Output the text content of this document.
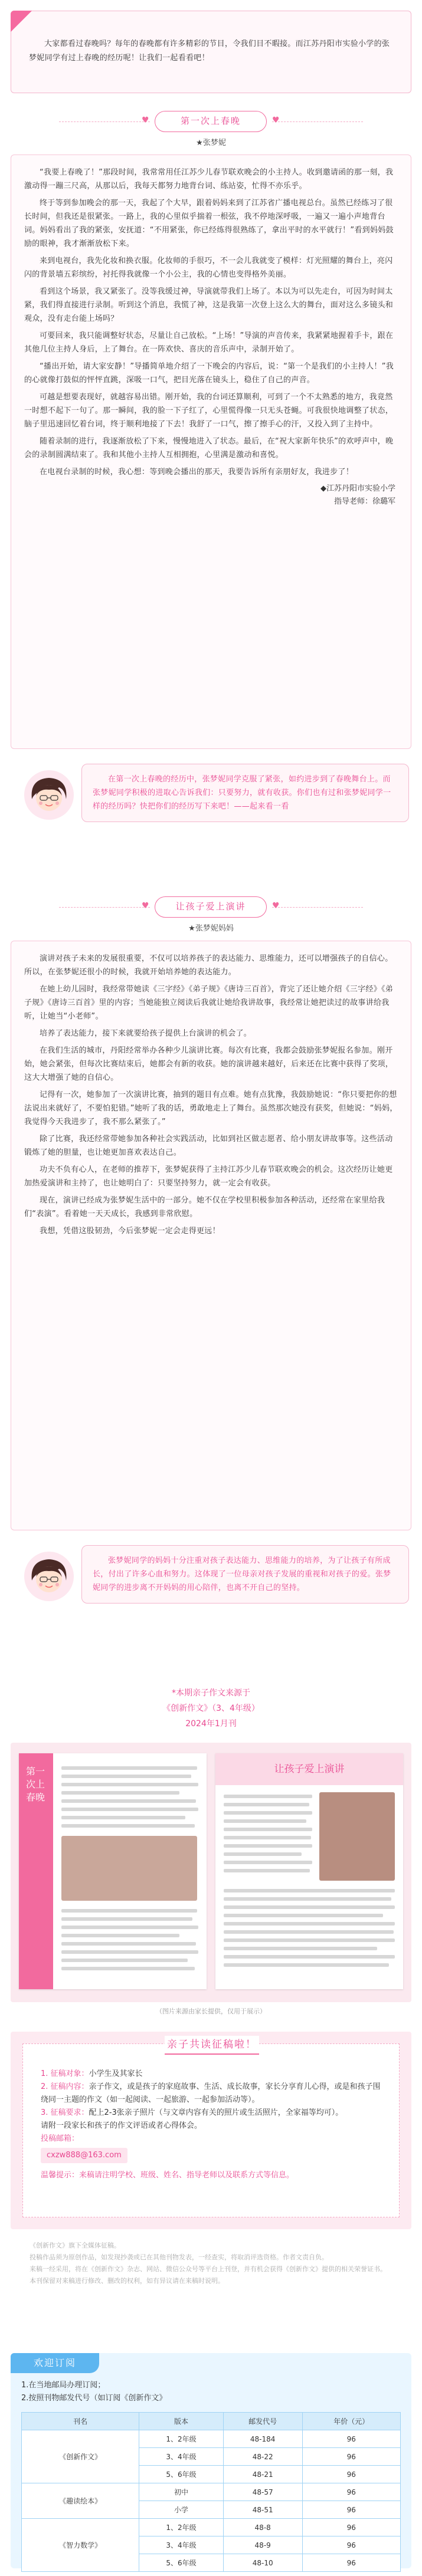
大家都看过春晚吗？每年的春晚都有许多精彩的节目，令我们目不暇接。而江苏丹阳市实验小学的张梦妮同学有过上春晚的经历呢！让我们一起看看吧！

♥	第一次上春晚	♥
★张梦妮

“我要上春晚了！”那段时间，我常常用任江苏少儿春节联欢晚会的小主持人。收到邀请函的那一刻，我激动得一蹦三尺高，从那以后，我每天都努力地背台词、练站姿，忙得不亦乐乎。

终于等到参加晚会的那一天，我起了个大早，跟着妈妈来到了江苏省广播电视总台。虽然已经练习了很长时间，但我还是很紧张。一路上，我的心里似乎揣着一根弦，我不停地深呼吸，一遍又一遍小声地背台词。妈妈看出了我的紧张，安抚道：“不用紧张，你已经练得很熟练了，拿出平时的水平就行！”看到妈妈鼓励的眼神，我才渐渐放松下来。

来到电视台，我先化妆和换衣服。化妆师的手很巧，不一会儿我就变了模样：灯光照耀的舞台上，亮闪闪的背景墙五彩缤纷，衬托得我就像一个小公主，我的心情也变得格外美丽。

看到这个场景，我又紧张了。没等我缓过神，导演就带我们上场了。本以为可以先走台，可因为时间太紧，我们得直接进行录制。听到这个消息，我慌了神，这是我第一次登上这么大的舞台，面对这么多镜头和观众，没有走台能上场吗？

可要回来，我只能调整好状态，尽量让自己放松。“上场！”导演的声音传来，我紧紧地握着手卡，跟在其他几位主持人身后，上了舞台。在一阵欢快、喜庆的音乐声中，录制开始了。

“播出开始，请大家安静！”导播简单地介绍了一下晚会的内容后，说：“第一个是我们的小主持人！”我的心就像打鼓似的怦怦直跳，深吸一口气，把目光落在镜头上，稳住了自己的声音。

可越是想要表现好，就越容易出错。刚开始，我的台词还算顺利，可到了一个不太熟悉的地方，我竟然一时想不起下一句了。那一瞬间，我的脸一下子红了，心里慌得像一只无头苍蝇。可我很快地调整了状态，脑子里迅速回忆着台词，终于顺利地接了下去！我舒了一口气，擦了擦手心的汗，又投入到了主持中。

随着录制的进行，我逐渐放松了下来，慢慢地进入了状态。最后，在“祝大家新年快乐”的欢呼声中，晚会的录制圆满结束了。我和其他小主持人互相拥抱，心里满是激动和喜悦。

在电视台录制的时候，我心想：等到晚会播出的那天，我要告诉所有亲朋好友，我进步了！

◆江苏丹阳市实验小学
指导老师：徐璐军

在第一次上春晚的经历中，张梦妮同学克服了紧张，如约进步到了春晚舞台上。而张梦妮同学积极的进取心告诉我们：只要努力，就有收获。你们也有过和张梦妮同学一样的经历吗？快把你们的经历写下来吧！——起来看一看

♥	让孩子爱上演讲	♥
★张梦妮妈妈

演讲对孩子未来的发展很重要，不仅可以培养孩子的表达能力、思维能力，还可以增强孩子的自信心。所以，在张梦妮还很小的时候，我就开始培养她的表达能力。

在她上幼儿园时，我经常带她读《三字经》《弟子规》《唐诗三百首》，背完了还让她介绍《三字经》《弟子规》《唐诗三百首》里的内容；当她能独立阅读后我就让她给我讲故事，我经常让她把读过的故事讲给我听，让她当“小老师”。

培养了表达能力，接下来就要给孩子提供上台演讲的机会了。

在我们生活的城市，丹阳经常举办各种少儿演讲比赛。每次有比赛，我都会鼓励张梦妮报名参加。刚开始，她会紧张，但每次比赛结束后，她都会有新的收获。她的演讲越来越好，后来还在比赛中获得了奖项，这大大增强了她的自信心。

记得有一次，她参加了一次演讲比赛，抽到的题目有点难。她有点犹豫，我鼓励她说：“你只要把你的想法说出来就好了，不要怕犯错。”她听了我的话，勇敢地走上了舞台。虽然那次她没有获奖，但她说：“妈妈，我觉得今天我进步了，我不那么紧张了。”

除了比赛，我还经常带她参加各种社会实践活动，比如到社区做志愿者、给小朋友讲故事等。这些活动锻炼了她的胆量，也让她更加喜欢表达自己。

功夫不负有心人，在老师的推荐下，张梦妮获得了主持江苏少儿春节联欢晚会的机会。这次经历让她更加热爱演讲和主持了，也让她明白了：只要坚持努力，就一定会有收获。

现在，演讲已经成为张梦妮生活中的一部分。她不仅在学校里积极参加各种活动，还经常在家里给我们“表演”。看着她一天天成长，我感到非常欣慰。

我想，凭借这股韧劲，今后张梦妮一定会走得更远！

张梦妮同学的妈妈十分注重对孩子表达能力、思维能力的培养，为了让孩子有所成长，付出了许多心血和努力。这体现了一位母亲对孩子发展的重视和对孩子的爱。张梦妮同学的进步离不开妈妈的用心陪伴，也离不开自己的坚持。

*本期亲子作文来源于
《创新作文》（3、4年级）
2024年1月刊
第一次上春晚
让孩子爱上演讲
（图片来源由家长提供，仅用于展示）
亲子共读征稿啦！
1. 征稿对象：小学生及其家长
2. 征稿内容：亲子作文，或是孩子的家庭故事、生活、成长故事，家长分享育儿心得，或是和孩子围绕同一主题的作文（如一起阅读、一起旅游、一起参加活动等）。
3. 征稿要求：配上2-3张亲子照片（与文章内容有关的照片或生活照片，全家福等均可）。
请附一段家长和孩子的作文评语或者心得体会。
投稿邮箱：
cxzw888@163.com
温馨提示：来稿请注明学校、班级、姓名、指导老师以及联系方式等信息。

《创新作文》旗下全媒体征稿。

投稿作品须为原创作品，如发现抄袭或已在其他刊物发表，一经查实，将取消评选资格。作者文责自负。

来稿一经采用，将在《创新作文》杂志、网站、微信公众号等平台上刊登，并有机会获得《创新作文》提供的相关荣誉证书。

本刊保留对来稿进行修改、删改的权利，如有异议请在来稿时说明。

欢迎订阅
1.在当地邮局办理订阅；
2.按照刊物邮发代号（如订阅《创新作文》
刊名	版本	邮发代号	年价（元）
《创新作文》	1、2年级	48-184	96
	3、4年级	48-22	96
	5、6年级	48-21	96
《趣读绘本》	初中	48-57	96
	小学	48-51	96
《智力数学》	1、2年级	48-8	96
	3、4年级	48-9	96
	5、6年级	48-10	96
